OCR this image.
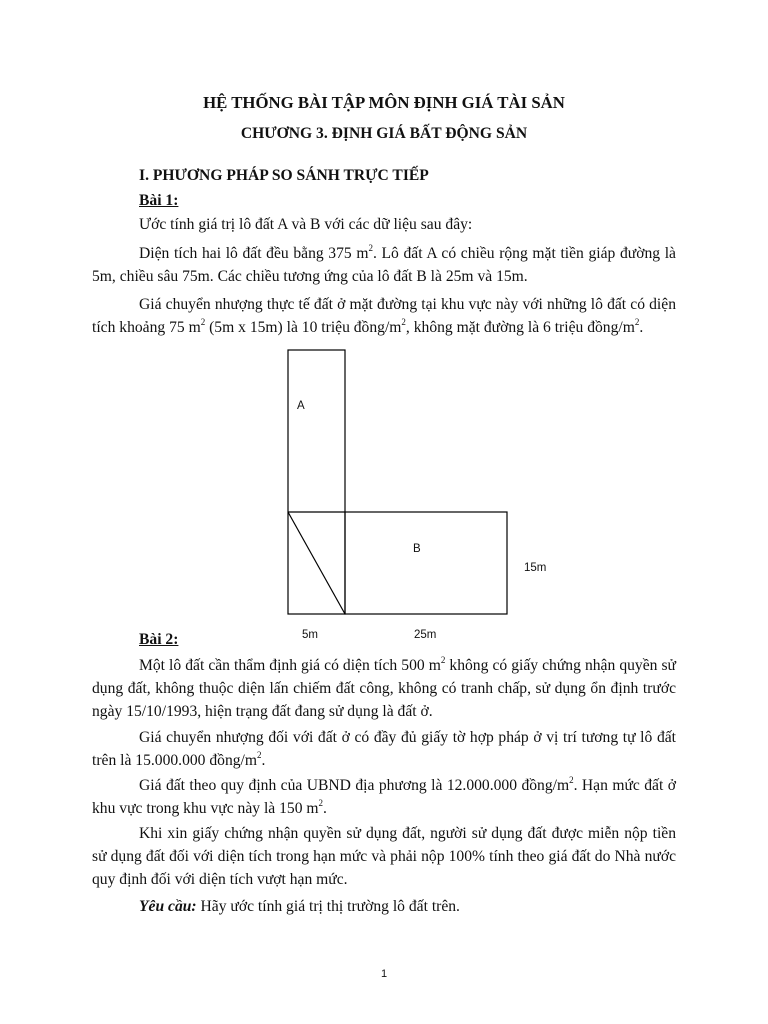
HỆ THỐNG BÀI TẬP MÔN ĐỊNH GIÁ TÀI SẢN
CHƯƠNG 3. ĐỊNH GIÁ BẤT ĐỘNG SẢN

I. PHƯƠNG PHÁP SO SÁNH TRỰC TIẾP

Bài 1:

Ước tính giá trị lô đất A và B với các dữ liệu sau đây:

Diện tích hai lô đất đều bằng 375 $m^2$. Lô đất A có chiều rộng mặt tiền giáp đường là 5m, chiều sâu 75m. Các chiều tương ứng của lô đất B là 25m và 15m.

Giá chuyển nhượng thực tế đất ở mặt đường tại khu vực này với những lô đất có diện tích khoảng 75 $m^2$ (5m x 15m) là 10 triệu đồng/$m^2$, không mặt đường là 6 triệu đồng/$m^2$.

A

B

15m

5m	25m

Bài 2:

Một lô đất cần thẩm định giá có diện tích 500 $m^2$ không có giấy chứng nhận quyền sử dụng đất, không thuộc diện lấn chiếm đất công, không có tranh chấp, sử dụng ổn định trước ngày 15/10/1993, hiện trạng đất đang sử dụng là đất ở.

Giá chuyển nhượng đối với đất ở có đầy đủ giấy tờ hợp pháp ở vị trí tương tự lô đất trên là 15.000.000 đồng/$m^2$.

Giá đất theo quy định của UBND địa phương là 12.000.000 đồng/$m^2$. Hạn mức đất ở khu vực trong khu vực này là 150 $m^2$.

Khi xin giấy chứng nhận quyền sử dụng đất, người sử dụng đất được miễn nộp tiền sử dụng đất đối với diện tích trong hạn mức và phải nộp 100% tính theo giá đất do Nhà nước quy định đối với diện tích vượt hạn mức.

Yêu cầu: Hãy ước tính giá trị thị trường lô đất trên.

1
